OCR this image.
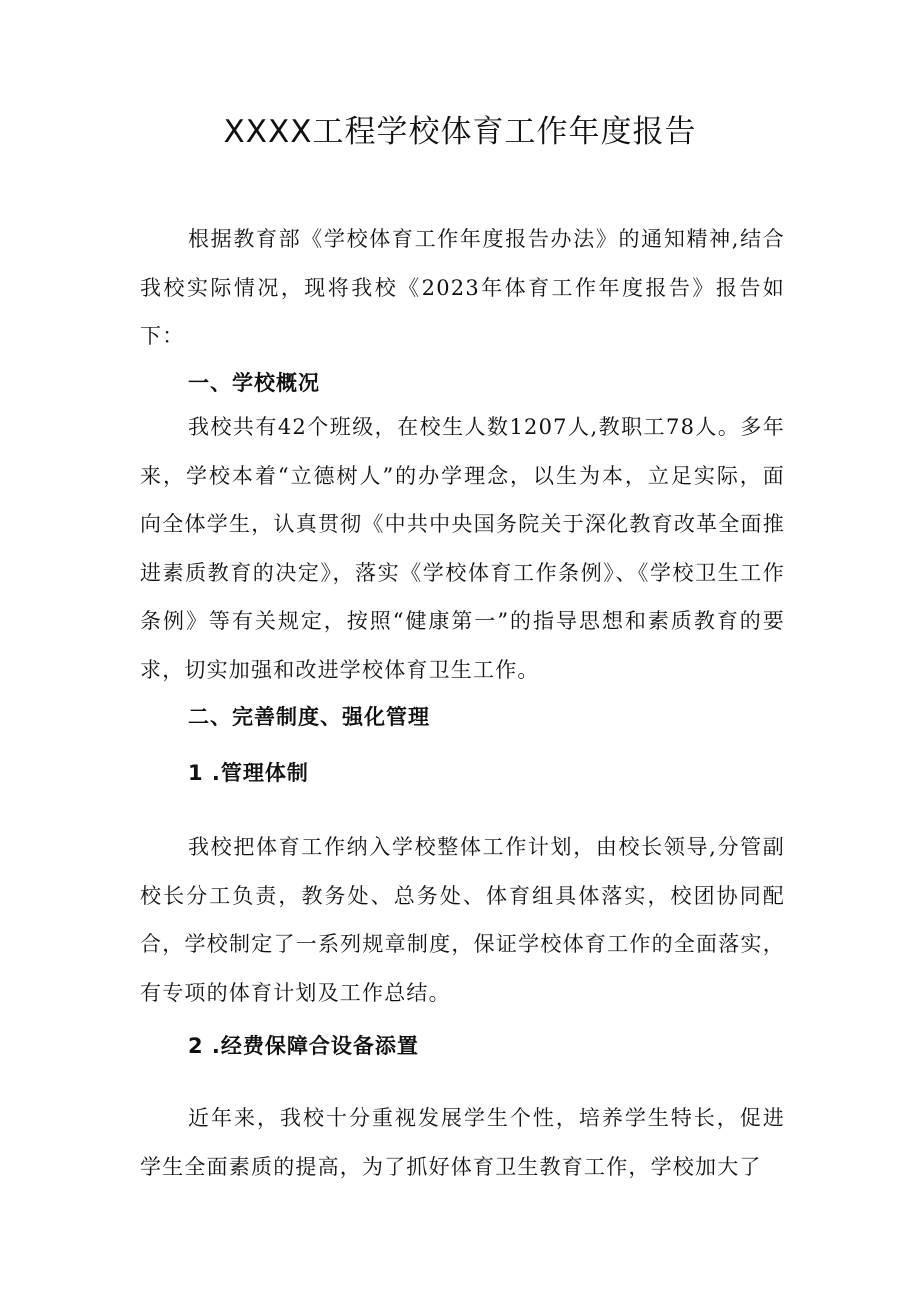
XXXX工程学校体育工作年度报告

根据教育部《学校体育工作年度报告办法》的通知精神,结合我校实际情况，现将我校《2023年体育工作年度报告》报告如下：

一、学校概况

我校共有42个班级，在校生人数1207人,教职工78人。多年来，学校本着“立德树人”的办学理念，以生为本，立足实际，面向全体学生，认真贯彻《中共中央国务院关于深化教育改革全面推进素质教育的决定》，落实《学校体育工作条例》、《学校卫生工作条例》等有关规定，按照“健康第一”的指导思想和素质教育的要求，切实加强和改进学校体育卫生工作。

二、完善制度、强化管理
1 .管理体制

我校把体育工作纳入学校整体工作计划，由校长领导,分管副校长分工负责，教务处、总务处、体育组具体落实，校团协同配合，学校制定了一系列规章制度，保证学校体育工作的全面落实，有专项的体育计划及工作总结。

2 .经费保障合设备添置

近年来，我校十分重视发展学生个性，培养学生特长，促进学生全面素质的提高，为了抓好体育卫生教育工作，学校加大了
